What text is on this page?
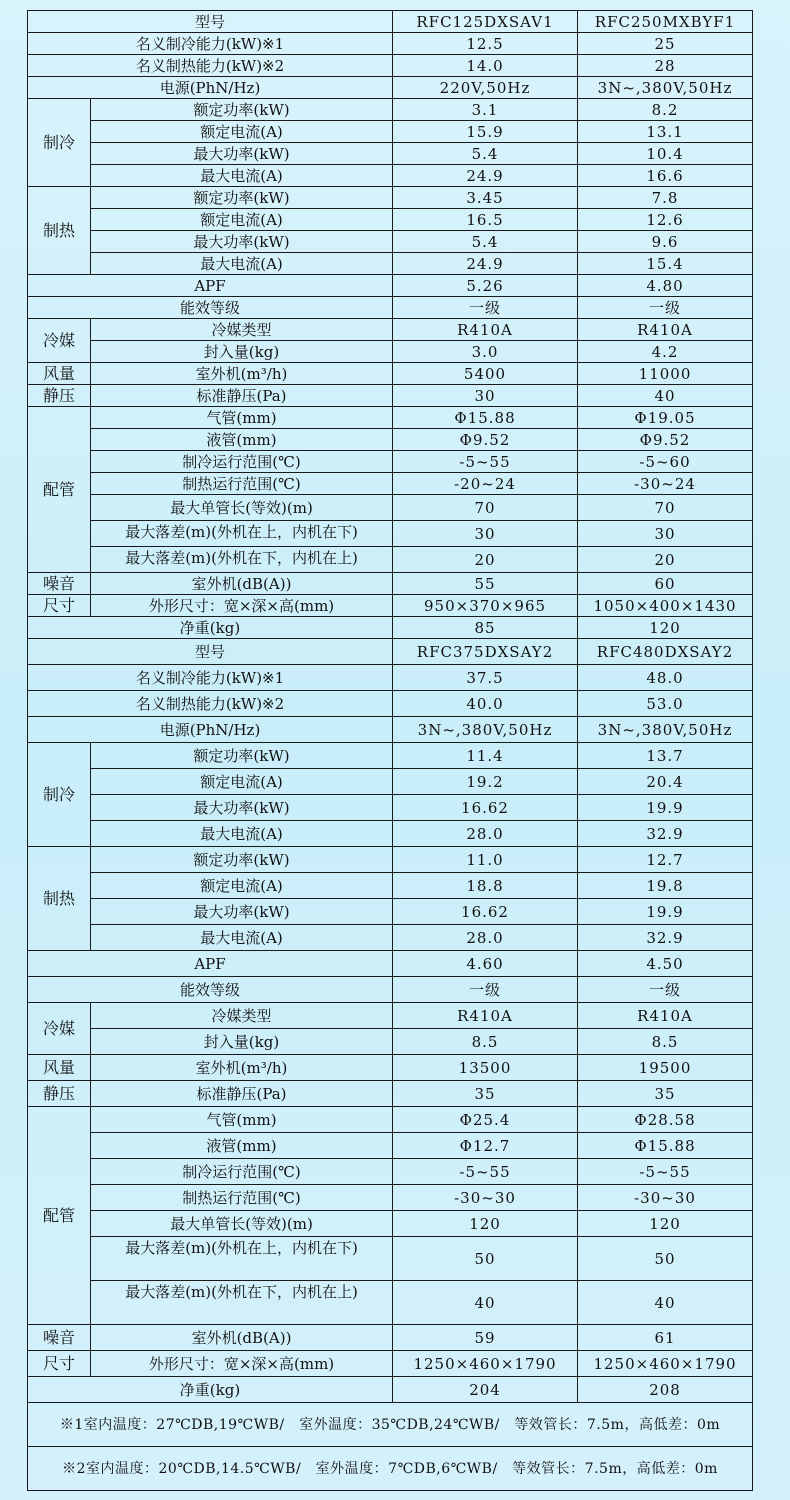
型号		RFC125DXSAV1	RFC250MXBYF1
名义制冷能力(kW)※1		12.5	25
名义制热能力(kW)※2		14.0	28
电源(PhN/Hz)		220V,50Hz	3N~,380V,50Hz
制冷	额定功率(kW)	3.1	8.2
	额定电流(A)	15.9	13.1
	最大功率(kW)	5.4	10.4
	最大电流(A)	24.9	16.6
制热	额定功率(kW)	3.45	7.8
	额定电流(A)	16.5	12.6
	最大功率(kW)	5.4	9.6
	最大电流(A)	24.9	15.4
APF		5.26	4.80
能效等级		一级	一级
冷媒	冷媒类型	R410A	R410A
	封入量(kg)	3.0	4.2
风量	室外机(m³/h)	5400	11000
静压	标准静压(Pa)	30	40
配管	气管(mm)	Φ15.88	Φ19.05
	液管(mm)	Φ9.52	Φ9.52
	制冷运行范围(℃)	-5~55	-5~60
	制热运行范围(℃)	-20~24	-30~24
	最大单管长(等效)(m)	70	70
	最大落差(m)(外机在上，内机在下)	30	30
	最大落差(m)(外机在下，内机在上)	20	20
噪音	室外机(dB(A))	55	60
尺寸	外形尺寸：宽×深×高(mm)	950×370×965	1050×400×1430
净重(kg)		85	120
型号		RFC375DXSAY2	RFC480DXSAY2
名义制冷能力(kW)※1		37.5	48.0
名义制热能力(kW)※2		40.0	53.0
电源(PhN/Hz)		3N~,380V,50Hz	3N~,380V,50Hz
制冷	额定功率(kW)	11.4	13.7
	额定电流(A)	19.2	20.4
	最大功率(kW)	16.62	19.9
	最大电流(A)	28.0	32.9
制热	额定功率(kW)	11.0	12.7
	额定电流(A)	18.8	19.8
	最大功率(kW)	16.62	19.9
	最大电流(A)	28.0	32.9
APF		4.60	4.50
能效等级		一级	一级
冷媒	冷媒类型	R410A	R410A
	封入量(kg)	8.5	8.5
风量	室外机(m³/h)	13500	19500
静压	标准静压(Pa)	35	35
配管	气管(mm)	Φ25.4	Φ28.58
	液管(mm)	Φ12.7	Φ15.88
	制冷运行范围(℃)	-5~55	-5~55
	制热运行范围(℃)	-30~30	-30~30
	最大单管长(等效)(m)	120	120
	最大落差(m)(外机在上，内机在下)	50	50
	最大落差(m)(外机在下，内机在上)	40	40
噪音	室外机(dB(A))	59	61
尺寸	外形尺寸：宽×深×高(mm)	1250×460×1790	1250×460×1790
净重(kg)		204	208
※1室内温度：27℃DB,19℃WB/　室外温度：35℃DB,24℃WB/　等效管长：7.5m，高低差：0m			
※2室内温度：20℃DB,14.5℃WB/　室外温度：7℃DB,6℃WB/　等效管长：7.5m，高低差：0m			
